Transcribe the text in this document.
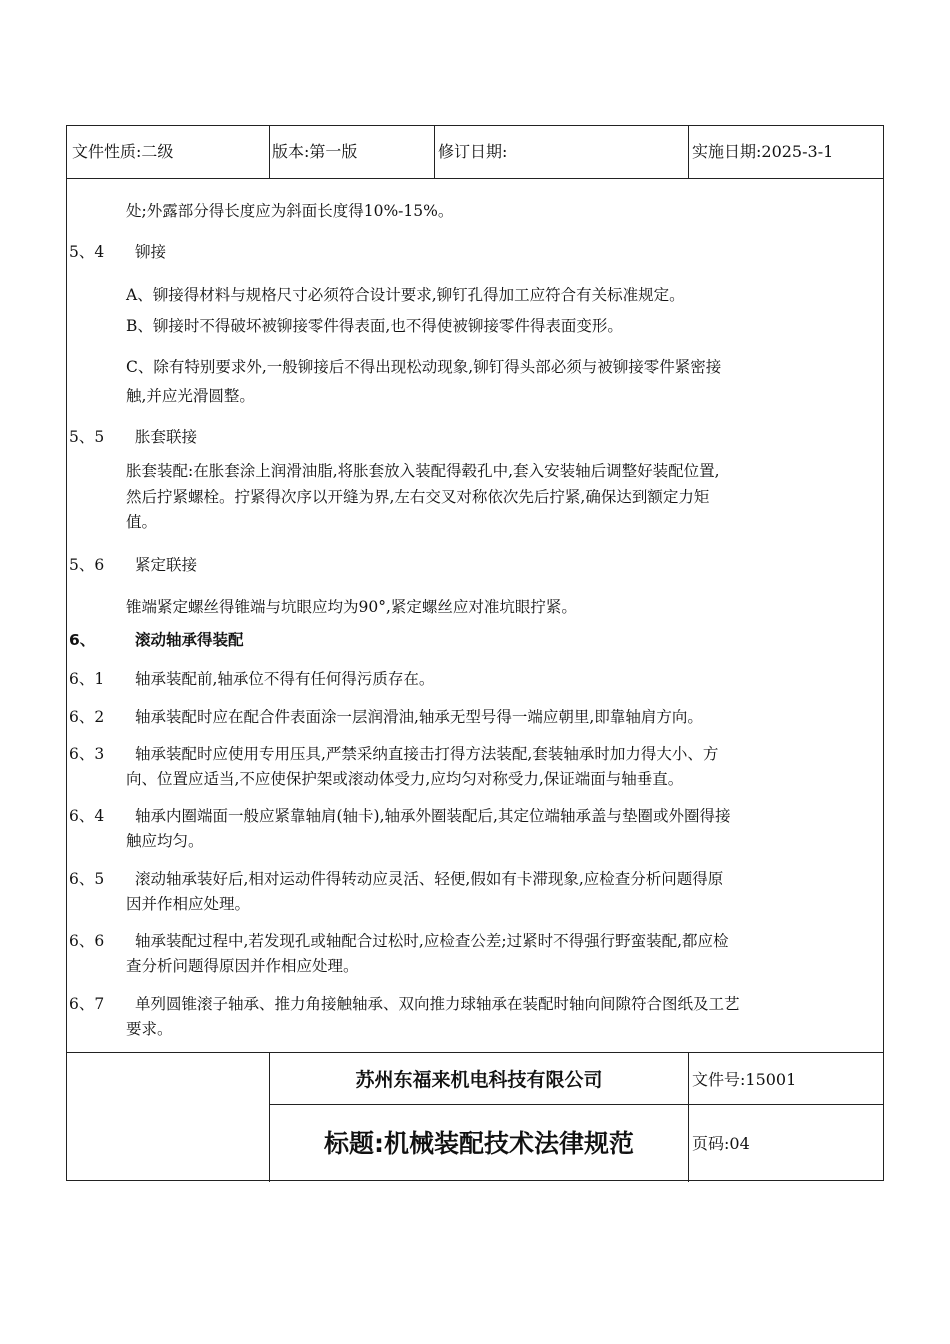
文件性质:二级	版本:第一版	修订日期:	实施日期:2025-3-1
处;外露部分得长度应为斜面长度得10%-15%。
5、4 铆接
A、铆接得材料与规格尺寸必须符合设计要求,铆钉孔得加工应符合有关标准规定。
B、铆接时不得破坏被铆接零件得表面,也不得使被铆接零件得表面变形。
C、除有特别要求外,一般铆接后不得出现松动现象,铆钉得头部必须与被铆接零件紧密接
触,并应光滑圆整。
5、5 胀套联接
胀套装配:在胀套涂上润滑油脂,将胀套放入装配得毂孔中,套入安装轴后调整好装配位置,
然后拧紧螺栓。拧紧得次序以开缝为界,左右交叉对称依次先后拧紧,确保达到额定力矩
值。
5、6 紧定联接
锥端紧定螺丝得锥端与坑眼应均为90°,紧定螺丝应对准坑眼拧紧。
6、	滚动轴承得装配
6、1 轴承装配前,轴承位不得有任何得污质存在。
6、2 轴承装配时应在配合件表面涂一层润滑油,轴承无型号得一端应朝里,即靠轴肩方向。
6、3 轴承装配时应使用专用压具,严禁采纳直接击打得方法装配,套装轴承时加力得大小、方
向、位置应适当,不应使保护架或滚动体受力,应均匀对称受力,保证端面与轴垂直。
6、4 轴承内圈端面一般应紧靠轴肩(轴卡),轴承外圈装配后,其定位端轴承盖与垫圈或外圈得接
触应均匀。
6、5 滚动轴承装好后,相对运动件得转动应灵活、轻便,假如有卡滞现象,应检查分析问题得原
因并作相应处理。
6、6 轴承装配过程中,若发现孔或轴配合过松时,应检查公差;过紧时不得强行野蛮装配,都应检
查分析问题得原因并作相应处理。
6、7 单列圆锥滚子轴承、推力角接触轴承、双向推力球轴承在装配时轴向间隙符合图纸及工艺
要求。
苏州东福来机电科技有限公司	文件号:15001
标题:机械装配技术法律规范	页码:04
